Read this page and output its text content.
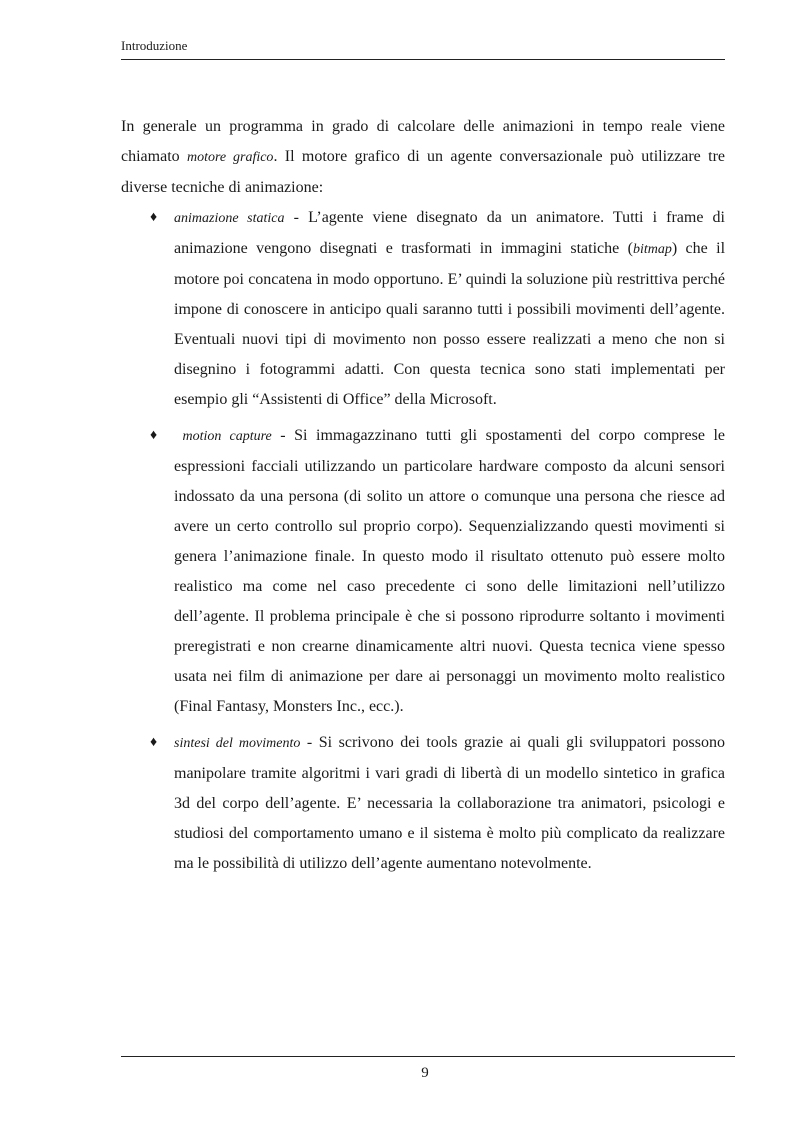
Introduzione

In generale un programma in grado di calcolare delle animazioni in tempo reale viene chiamato motore grafico. Il motore grafico di un agente conversazionale può utilizzare tre diverse tecniche di animazione:

♦ animazione statica - L’agente viene disegnato da un animatore. Tutti i frame di animazione vengono disegnati e trasformati in immagini statiche (bitmap) che il motore poi concatena in modo opportuno. E’ quindi la soluzione più restrittiva perché impone di conoscere in anticipo quali saranno tutti i possibili movimenti dell’agente. Eventuali nuovi tipi di movimento non posso essere realizzati a meno che non si disegnino i fotogrammi adatti. Con questa tecnica sono stati implementati per esempio gli “Assistenti di Office” della Microsoft.
♦ motion capture - Si immagazzinano tutti gli spostamenti del corpo comprese le espressioni facciali utilizzando un particolare hardware composto da alcuni sensori indossato da una persona (di solito un attore o comunque una persona che riesce ad avere un certo controllo sul proprio corpo). Sequenzializzando questi movimenti si genera l’animazione finale. In questo modo il risultato ottenuto può essere molto realistico ma come nel caso precedente ci sono delle limitazioni nell’utilizzo dell’agente. Il problema principale è che si possono riprodurre soltanto i movimenti preregistrati e non crearne dinamicamente altri nuovi. Questa tecnica viene spesso usata nei film di animazione per dare ai personaggi un movimento molto realistico (Final Fantasy, Monsters Inc., ecc.).
♦ sintesi del movimento - Si scrivono dei tools grazie ai quali gli sviluppatori possono manipolare tramite algoritmi i vari gradi di libertà di un modello sintetico in grafica 3d del corpo dell’agente. E’ necessaria la collaborazione tra animatori, psicologi e studiosi del comportamento umano e il sistema è molto più complicato da realizzare ma le possibilità di utilizzo dell’agente aumentano notevolmente.
9
